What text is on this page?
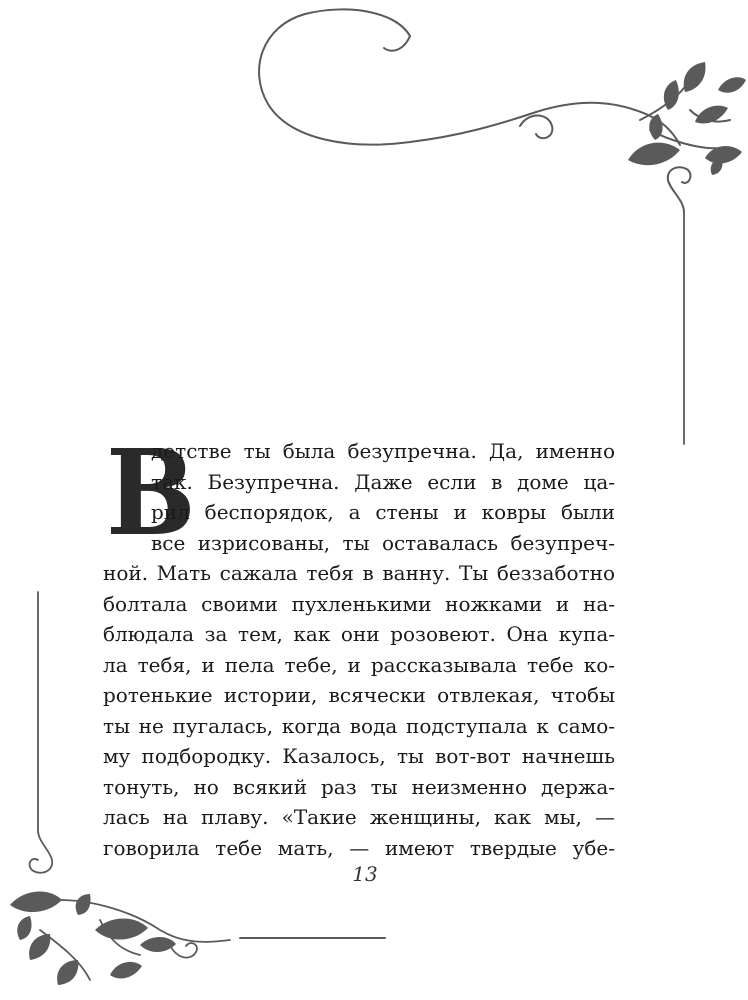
В
детстве ты была безупречна. Да, именно
так. Безупречна. Даже если в доме ца-
рил беспорядок, а стены и ковры были
все изрисованы, ты оставалась безупреч-
ной. Мать сажала тебя в ванну. Ты беззаботно
болтала своими пухленькими ножками и на-
блюдала за тем, как они розовеют. Она купа-
ла тебя, и пела тебе, и рассказывала тебе ко-
ротенькие истории, всячески отвлекая, чтобы
ты не пугалась, когда вода подступала к само-
му подбородку. Казалось, ты вот-вот начнешь
тонуть, но всякий раз ты неизменно держа-
лась на плаву. «Такие женщины, как мы, —
говорила тебе мать, — имеют твердые убе-
13
